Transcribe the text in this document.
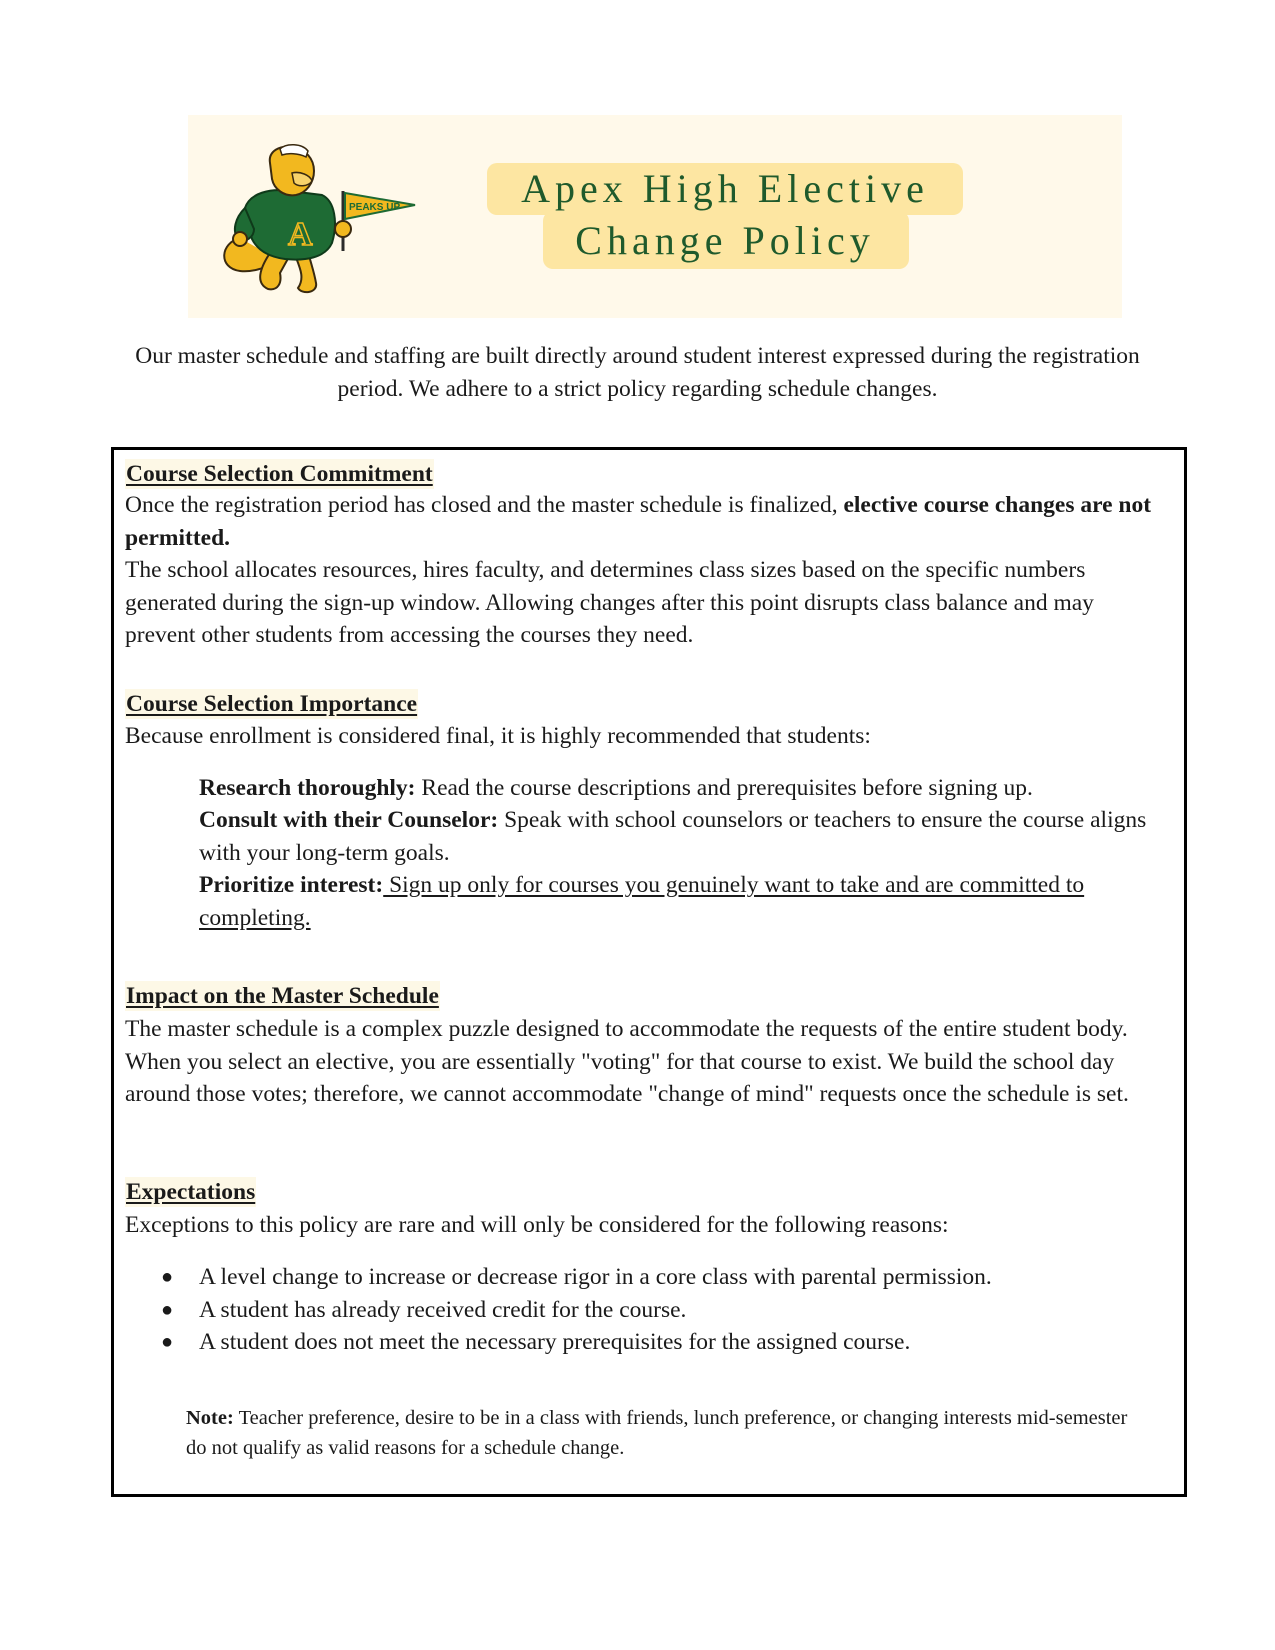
A
PEAKS UP	Apex High Elective
Change Policy
Our master schedule and staffing are built directly around student interest expressed during the registration period. We adhere to a strict policy regarding schedule changes.
Course Selection Commitment
Once the registration period has closed and the master schedule is finalized, elective course changes are not permitted.
The school allocates resources, hires faculty, and determines class sizes based on the specific numbers generated during the sign-up window. Allowing changes after this point disrupts class balance and may prevent other students from accessing the courses they need.
Course Selection Importance
Because enrollment is considered final, it is highly recommended that students:
Research thoroughly: Read the course descriptions and prerequisites before signing up.
Consult with their Counselor: Speak with school counselors or teachers to ensure the course aligns with your long-term goals.
Prioritize interest: Sign up only for courses you genuinely want to take and are committed to completing.
Impact on the Master Schedule
The master schedule is a complex puzzle designed to accommodate the requests of the entire student body. When you select an elective, you are essentially "voting" for that course to exist. We build the school day around those votes; therefore, we cannot accommodate "change of mind" requests once the schedule is set.
Expectations
Exceptions to this policy are rare and will only be considered for the following reasons:
● A level change to increase or decrease rigor in a core class with parental permission.
● A student has already received credit for the course.
● A student does not meet the necessary prerequisites for the assigned course.
Note: Teacher preference, desire to be in a class with friends, lunch preference, or changing interests mid-semester do not qualify as valid reasons for a schedule change.
